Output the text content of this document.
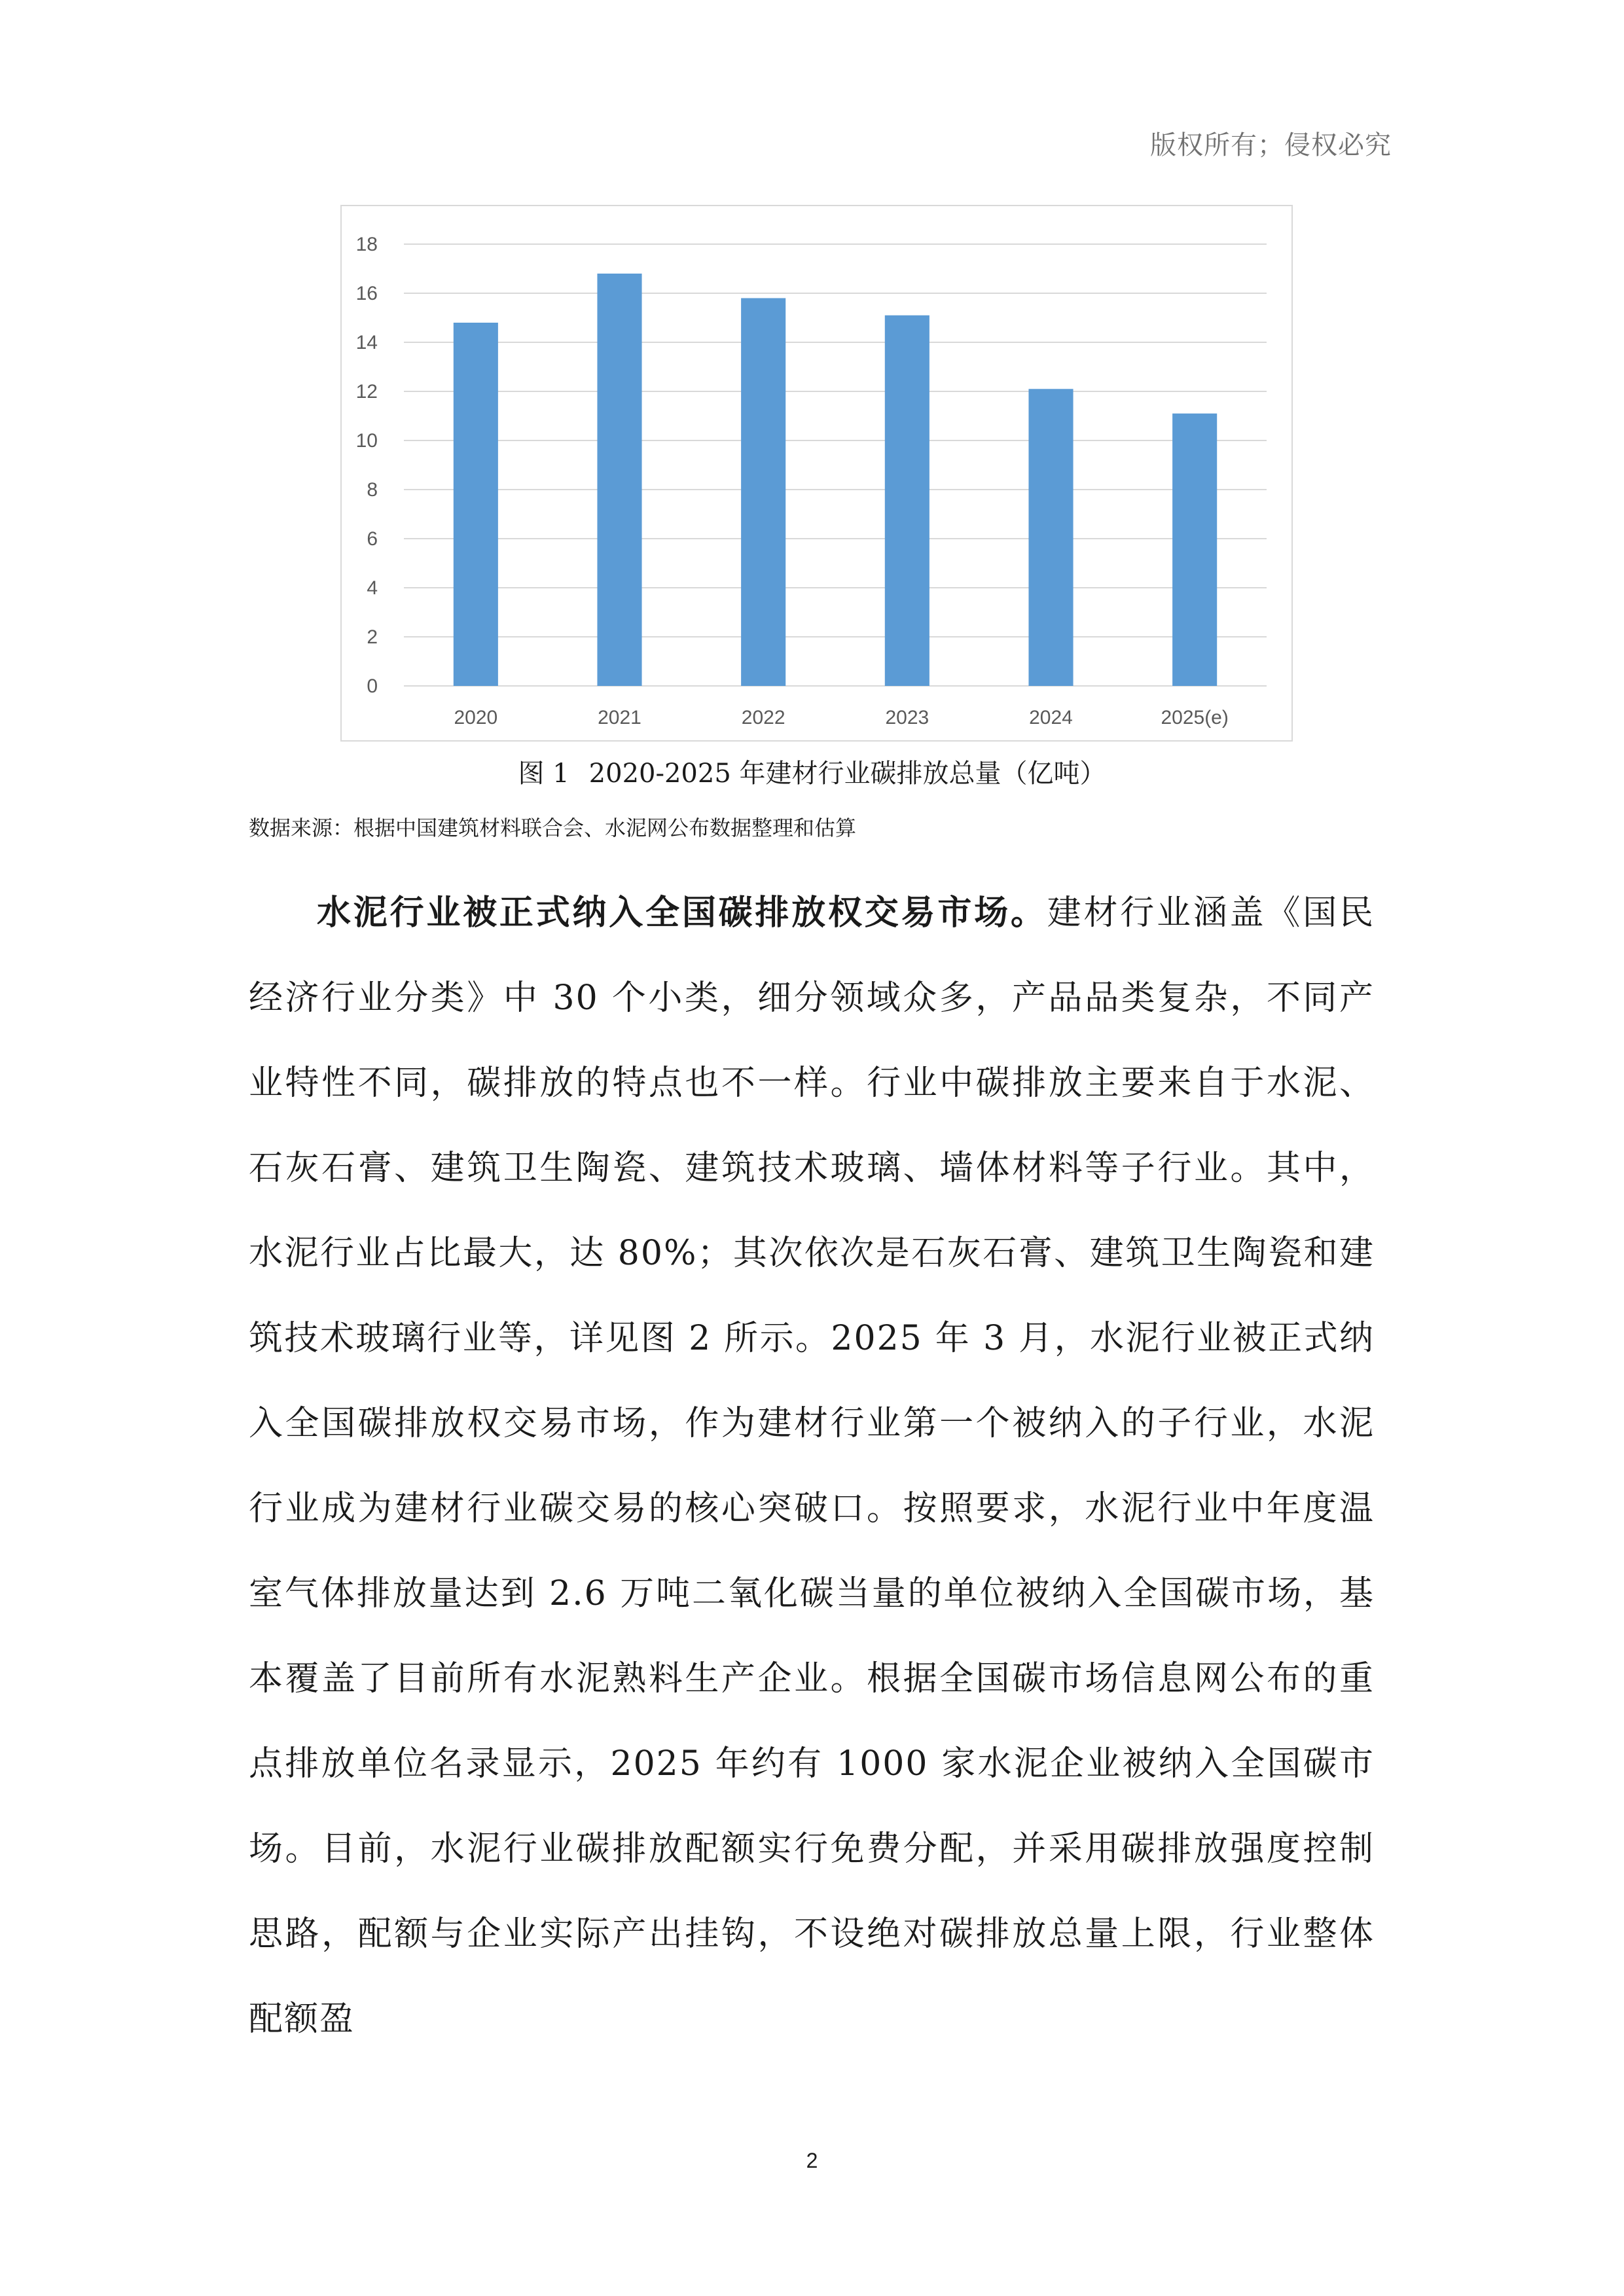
版权所有；侵权必究
0
2
4
6
8
10
12
14
16
18
2020	2021	2022	2023	2024	2025(e)
图 1 2020-2025 年建材行业碳排放总量（亿吨）
数据来源：根据中国建筑材料联合会、水泥网公布数据整理和估算

水泥行业被正式纳入全国碳排放权交易市场。建材行业涵盖《国民经济行业分类》中 30 个小类，细分领域众多，产品品类复杂，不同产业特性不同，碳排放的特点也不一样。行业中碳排放主要来自于水泥、石灰石膏、建筑卫生陶瓷、建筑技术玻璃、墙体材料等子行业。其中，水泥行业占比最大，达 80%；其次依次是石灰石膏、建筑卫生陶瓷和建筑技术玻璃行业等，详见图 2 所示。2025 年 3 月，水泥行业被正式纳入全国碳排放权交易市场，作为建材行业第一个被纳入的子行业，水泥行业成为建材行业碳交易的核心突破口。按照要求，水泥行业中年度温室气体排放量达到 2.6 万吨二氧化碳当量的单位被纳入全国碳市场，基本覆盖了目前所有水泥熟料生产企业。根据全国碳市场信息网公布的重点排放单位名录显示，2025 年约有 1000 家水泥企业被纳入全国碳市场。目前，水泥行业碳排放配额实行免费分配，并采用碳排放强度控制思路，配额与企业实际产出挂钩，不设绝对碳排放总量上限，行业整体配额盈

2
